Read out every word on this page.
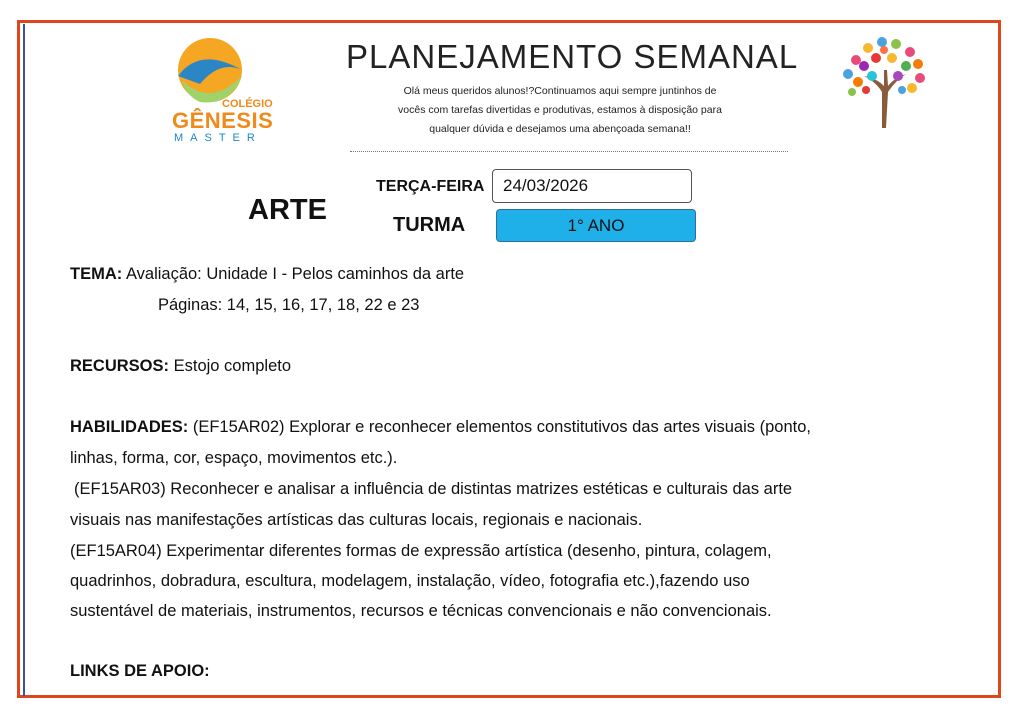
COLÉGIO
GÊNESIS
MASTER
PLANEJAMENTO SEMANAL
Olá meus queridos alunos!?Continuamos aqui sempre juntinhos de
vocês com tarefas divertidas e produtivas, estamos à disposição para
qualquer dúvida e desejamos uma abençoada semana!!
ARTE
TERÇA-FEIRA	24/03/2026
TURMA	1° ANO
TEMA: Avaliação: Unidade I - Pelos caminhos da arte
Páginas: 14, 15, 16, 17, 18, 22 e 23
RECURSOS: Estojo completo
HABILIDADES: (EF15AR02) Explorar e reconhecer elementos constitutivos das artes visuais (ponto,
linhas, forma, cor, espaço, movimentos etc.).
(EF15AR03) Reconhecer e analisar a influência de distintas matrizes estéticas e culturais das arte
visuais nas manifestações artísticas das culturas locais, regionais e nacionais.
(EF15AR04) Experimentar diferentes formas de expressão artística (desenho, pintura, colagem,
quadrinhos, dobradura, escultura, modelagem, instalação, vídeo, fotografia etc.),fazendo uso
sustentável de materiais, instrumentos, recursos e técnicas convencionais e não convencionais.
LINKS DE APOIO:
